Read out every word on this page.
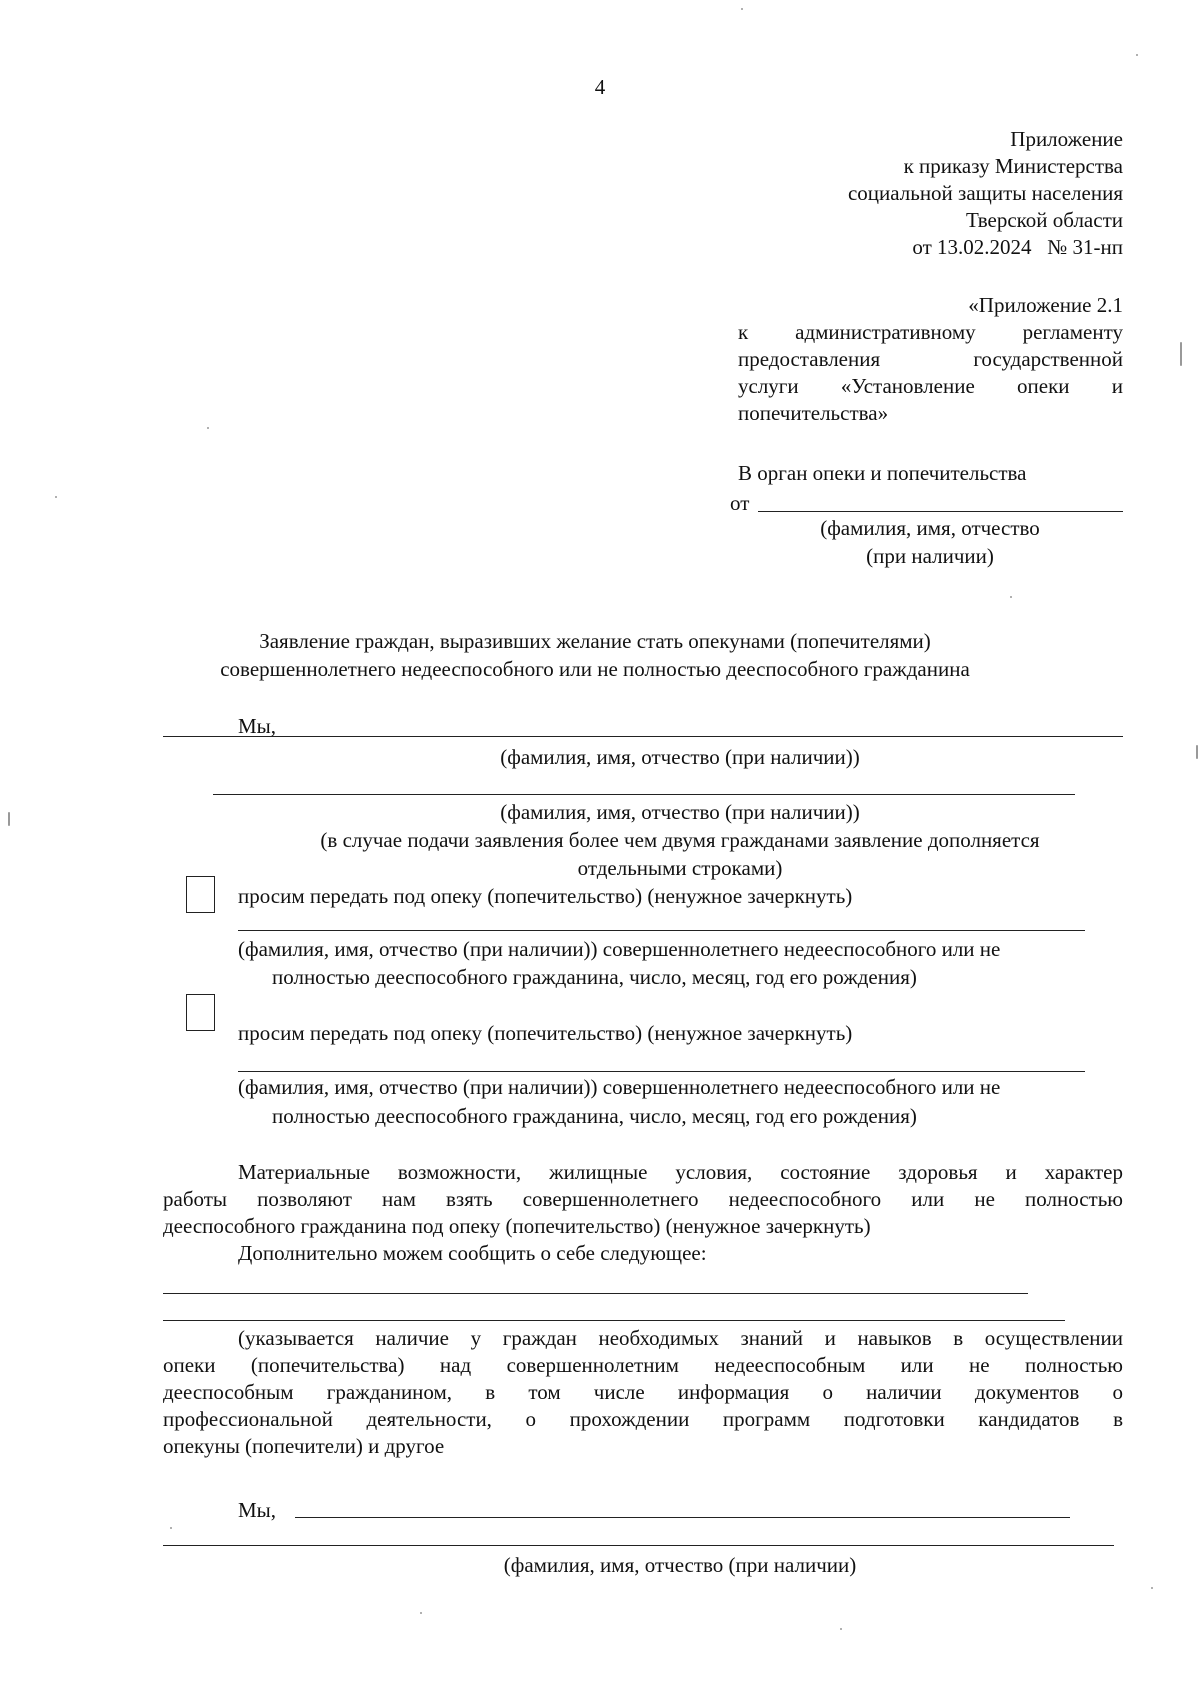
4
Приложение
к приказу Министерства
социальной защиты населения
Тверской области
от 13.02.2024   № 31-нп
«Приложение 2.1
к административному регламенту
предоставления государственной
услуги «Установление опеки и
попечительства»
В орган опеки и попечительства
от
(фамилия, имя, отчество
(при наличии)
Заявление граждан, выразивших желание стать опекунами (попечителями)
совершеннолетнего недееспособного или не полностью дееспособного гражданина
Мы,
(фамилия, имя, отчество (при наличии))
(фамилия, имя, отчество (при наличии))
(в случае подачи заявления более чем двумя гражданами заявление дополняется
отдельными строками)
просим передать под опеку (попечительство) (ненужное зачеркнуть)
(фамилия, имя, отчество (при наличии)) совершеннолетнего недееспособного или не
полностью дееспособного гражданина, число, месяц, год его рождения)
просим передать под опеку (попечительство) (ненужное зачеркнуть)
(фамилия, имя, отчество (при наличии)) совершеннолетнего недееспособного или не
полностью дееспособного гражданина, число, месяц, год его рождения)
Материальные возможности, жилищные условия, состояние здоровья и характер
работы позволяют нам взять совершеннолетнего недееспособного или не полностью
дееспособного гражданина под опеку (попечительство) (ненужное зачеркнуть)
Дополнительно можем сообщить о себе следующее:
(указывается наличие у граждан необходимых знаний и навыков в осуществлении
опеки (попечительства) над совершеннолетним недееспособным или не полностью
дееспособным гражданином, в том числе информация о наличии документов о
профессиональной деятельности, о прохождении программ подготовки кандидатов в
опекуны (попечители) и другое
Мы,
(фамилия, имя, отчество (при наличии)
